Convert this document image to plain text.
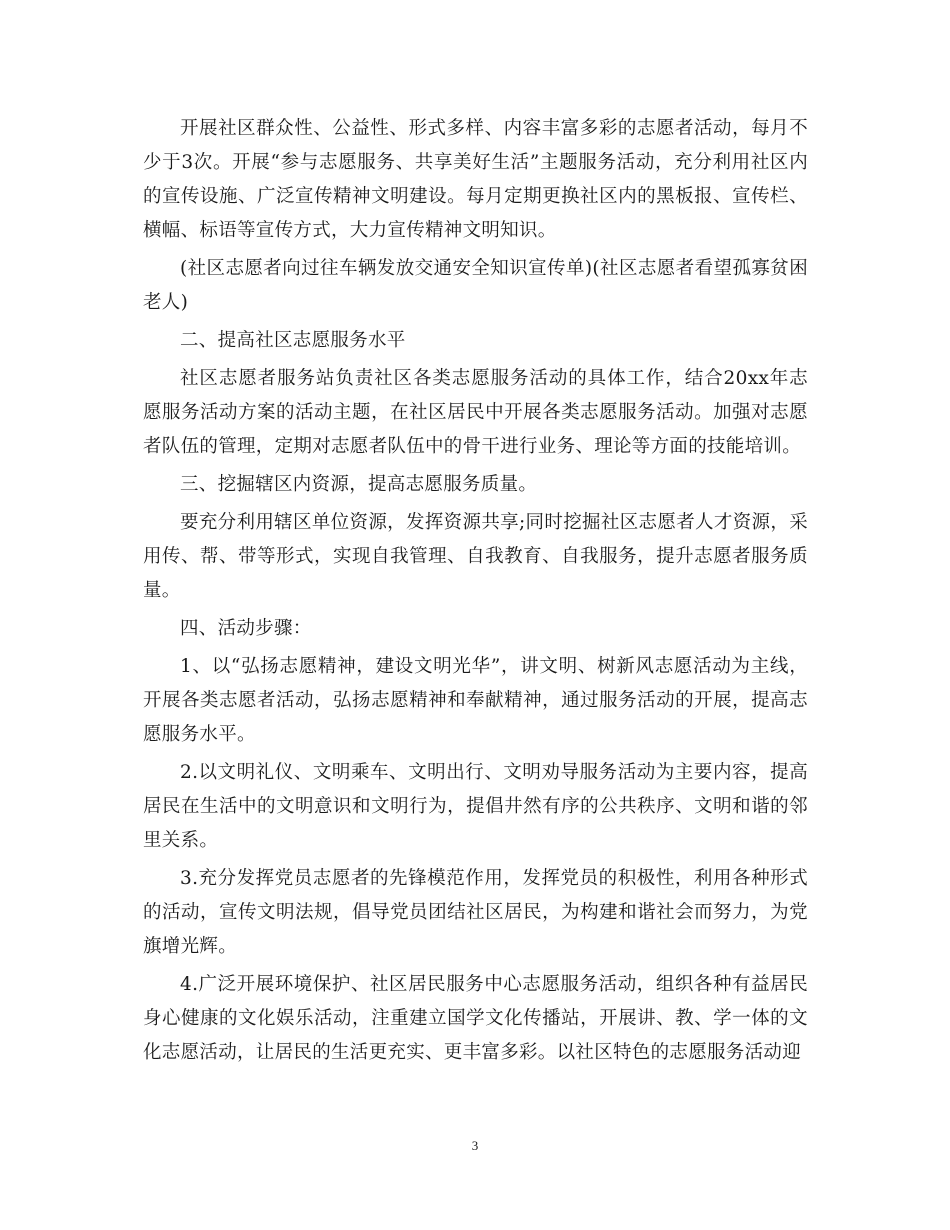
开展社区群众性、公益性、形式多样、内容丰富多彩的志愿者活动，每月不少于3次。开展“参与志愿服务、共享美好生活”主题服务活动，充分利用社区内的宣传设施、广泛宣传精神文明建设。每月定期更换社区内的黑板报、宣传栏、横幅、标语等宣传方式，大力宣传精神文明知识。

(社区志愿者向过往车辆发放交通安全知识宣传单)(社区志愿者看望孤寡贫困老人)

二、提高社区志愿服务水平

社区志愿者服务站负责社区各类志愿服务活动的具体工作，结合20xx年志愿服务活动方案的活动主题，在社区居民中开展各类志愿服务活动。加强对志愿者队伍的管理，定期对志愿者队伍中的骨干进行业务、理论等方面的技能培训。

三、挖掘辖区内资源，提高志愿服务质量。

要充分利用辖区单位资源，发挥资源共享;同时挖掘社区志愿者人才资源，采用传、帮、带等形式，实现自我管理、自我教育、自我服务，提升志愿者服务质量。

四、活动步骤：

1、以“弘扬志愿精神，建设文明光华”，讲文明、树新风志愿活动为主线，开展各类志愿者活动，弘扬志愿精神和奉献精神，通过服务活动的开展，提高志愿服务水平。

2.以文明礼仪、文明乘车、文明出行、文明劝导服务活动为主要内容，提高居民在生活中的文明意识和文明行为，提倡井然有序的公共秩序、文明和谐的邻里关系。

3.充分发挥党员志愿者的先锋模范作用，发挥党员的积极性，利用各种形式的活动，宣传文明法规，倡导党员团结社区居民，为构建和谐社会而努力，为党旗增光辉。

4.广泛开展环境保护、社区居民服务中心志愿服务活动，组织各种有益居民身心健康的文化娱乐活动，注重建立国学文化传播站，开展讲、教、学一体的文化志愿活动，让居民的生活更充实、更丰富多彩。以社区特色的志愿服务活动迎

3
